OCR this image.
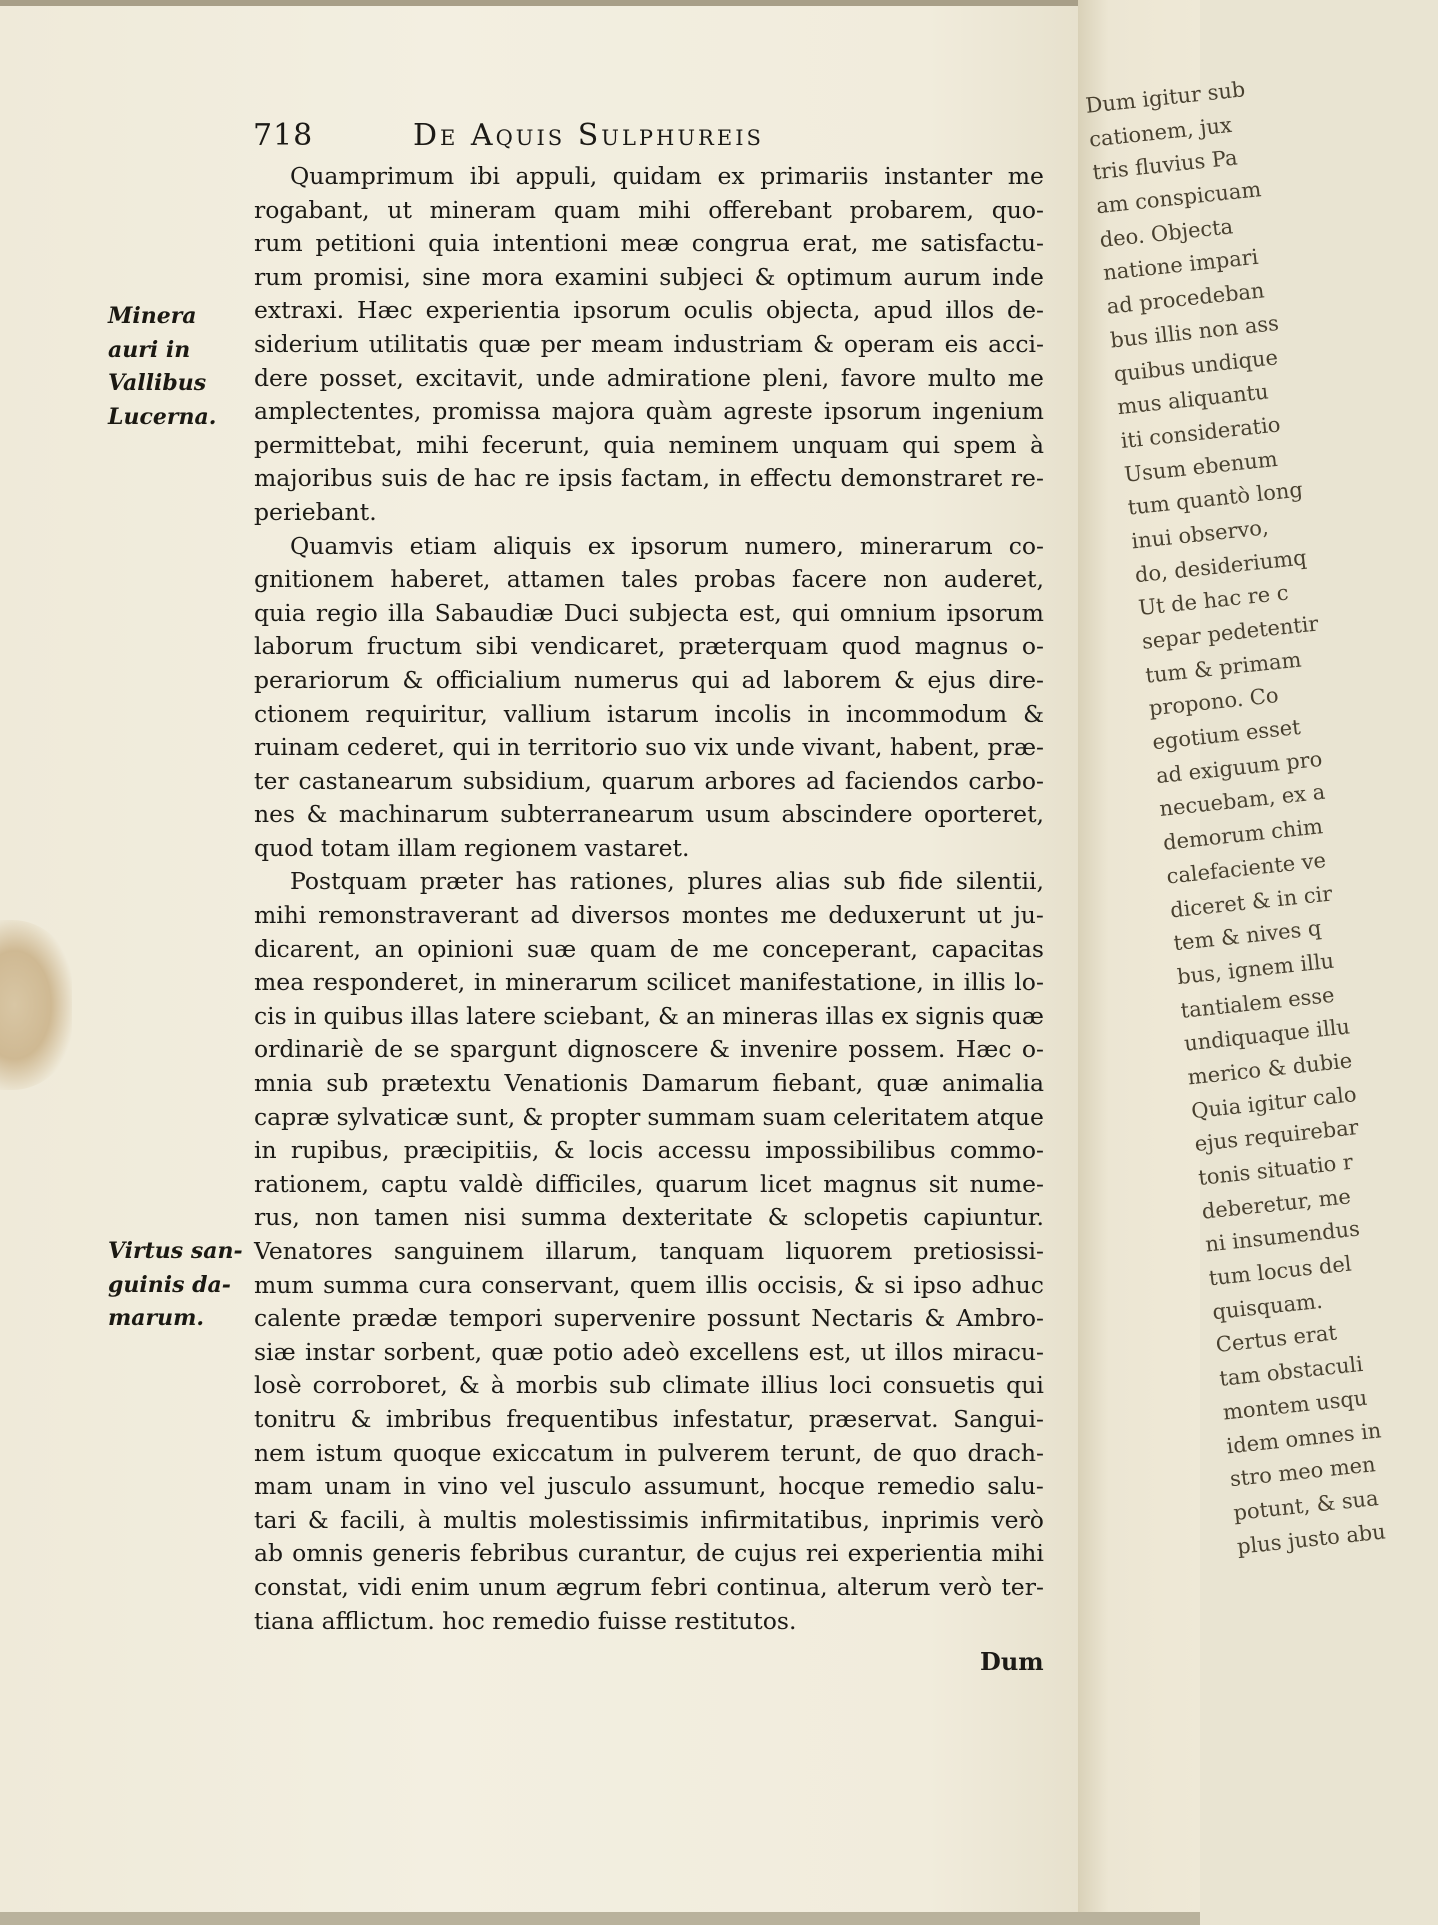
Dum igitur sub
cationem, jux
tris fluvius Pa
am conspicuam
deo. Objecta
natione impari
ad procedeban
bus illis non ass
quibus undique
mus aliquantu
iti consideratio
Usum ebenum
tum quantò long
inui observo,
do, desideriumq
Ut de hac re c
separ pedetentir
tum & primam
propono. Co
egotium esset
ad exiguum pro
necuebam, ex a
demorum chim
calefaciente ve
diceret & in cir
tem & nives q
bus, ignem illu
tantialem esse
undiquaque illu
merico & dubie
Quia igitur calo
ejus requirebar
tonis situatio r
deberetur, me
ni insumendus
tum locus del
quisquam.
Certus erat
tam obstaculi
montem usqu
idem omnes in
stro meo men
potunt, & sua
plus justo abu
718	De Aquis Sulphureis
Minera
auri in
Vallibus
Lucerna.
Virtus san-
guinis da-
marum.
Quamprimum ibi appuli, quidam ex primariis instanter me
rogabant, ut mineram quam mihi offerebant probarem, quo-
rum petitioni quia intentioni meæ congrua erat, me satisfactu-
rum promisi, sine mora examini subjeci & optimum aurum inde
extraxi. Hæc experientia ipsorum oculis objecta, apud illos de-
siderium utilitatis quæ per meam industriam & operam eis acci-
dere posset, excitavit, unde admiratione pleni, favore multo me
amplectentes, promissa majora quàm agreste ipsorum ingenium
permittebat, mihi fecerunt, quia neminem unquam qui spem à
majoribus suis de hac re ipsis factam, in effectu demonstraret re-
periebant.
Quamvis etiam aliquis ex ipsorum numero, minerarum co-
gnitionem haberet, attamen tales probas facere non auderet,
quia regio illa Sabaudiæ Duci subjecta est, qui omnium ipsorum
laborum fructum sibi vendicaret, præterquam quod magnus o-
perariorum & officialium numerus qui ad laborem & ejus dire-
ctionem requiritur, vallium istarum incolis in incommodum &
ruinam cederet, qui in territorio suo vix unde vivant, habent, præ-
ter castanearum subsidium, quarum arbores ad faciendos carbo-
nes & machinarum subterranearum usum abscindere oporteret,
quod totam illam regionem vastaret.
Postquam præter has rationes, plures alias sub fide silentii,
mihi remonstraverant ad diversos montes me deduxerunt ut ju-
dicarent, an opinioni suæ quam de me conceperant, capacitas
mea responderet, in minerarum scilicet manifestatione, in illis lo-
cis in quibus illas latere sciebant, & an mineras illas ex signis quæ
ordinariè de se spargunt dignoscere & invenire possem. Hæc o-
mnia sub prætextu Venationis Damarum fiebant, quæ animalia
capræ sylvaticæ sunt, & propter summam suam celeritatem atque
in rupibus, præcipitiis, & locis accessu impossibilibus commo-
rationem, captu valdè difficiles, quarum licet magnus sit nume-
rus, non tamen nisi summa dexteritate & sclopetis capiuntur.
Venatores sanguinem illarum, tanquam liquorem pretiosissi-
mum summa cura conservant, quem illis occisis, & si ipso adhuc
calente prædæ tempori supervenire possunt Nectaris & Ambro-
siæ instar sorbent, quæ potio adeò excellens est, ut illos miracu-
losè corroboret, & à morbis sub climate illius loci consuetis qui
tonitru & imbribus frequentibus infestatur, præservat. Sangui-
nem istum quoque exiccatum in pulverem terunt, de quo drach-
mam unam in vino vel jusculo assumunt, hocque remedio salu-
tari & facili, à multis molestissimis infirmitatibus, inprimis verò
ab omnis generis febribus curantur, de cujus rei experientia mihi
constat, vidi enim unum ægrum febri continua, alterum verò ter-
tiana afflictum. hoc remedio fuisse restitutos.
Dum
